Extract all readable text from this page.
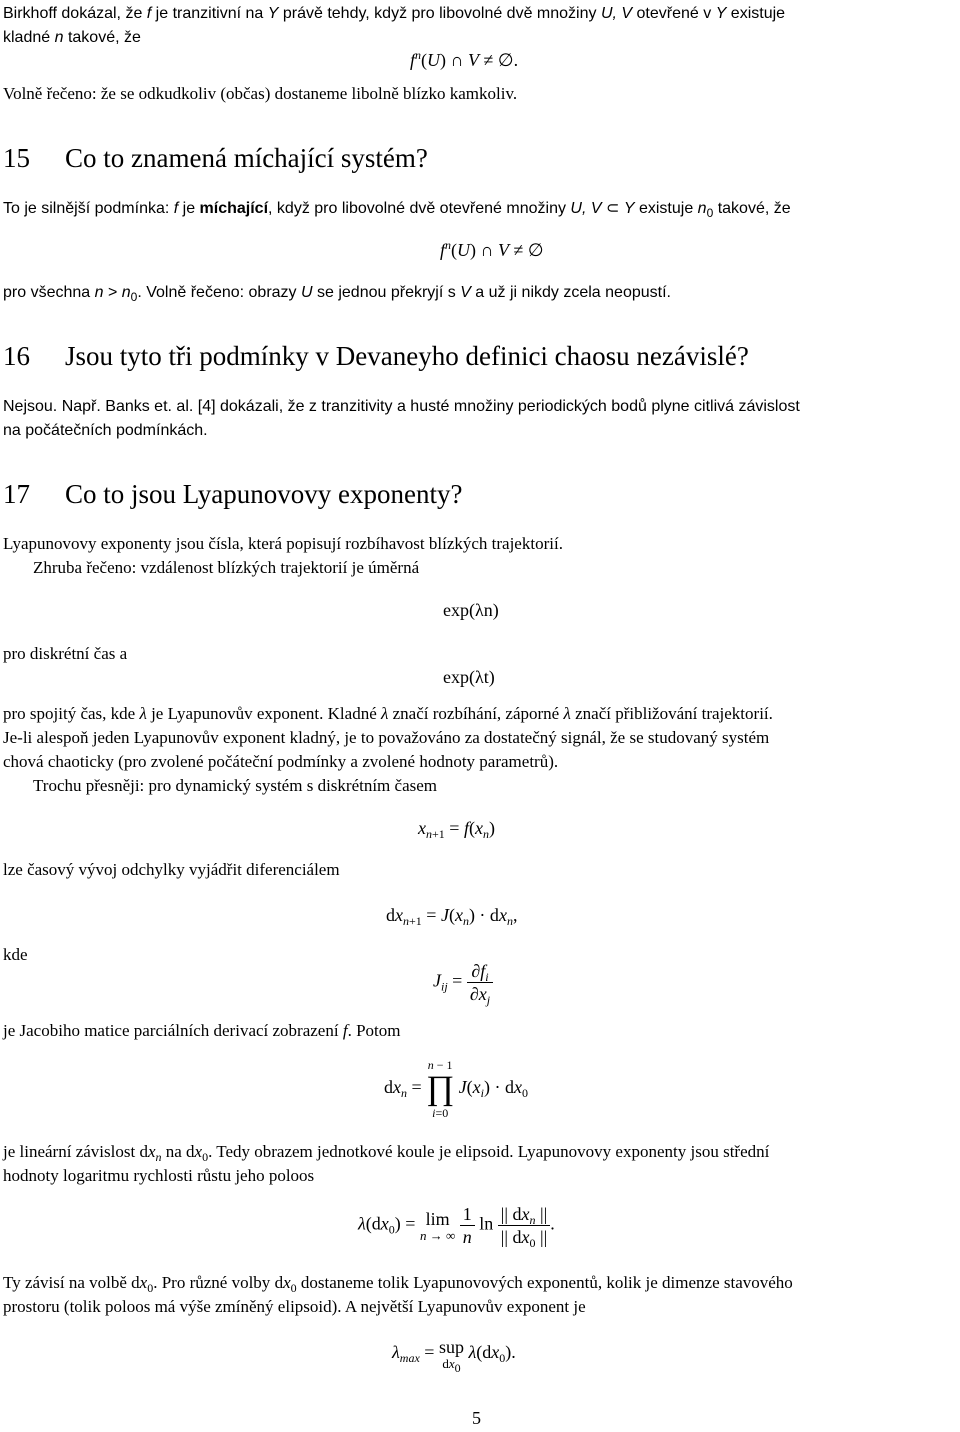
Birkhoff dokázal, že f je tranzitivní na Y právě tehdy, když pro libovolné dvě množiny U, V otevřené v Y existuje
kladné n takové, že
$f^n(U)$ ∩ V ≠ ∅.
Volně řečeno: že se odkudkoliv (občas) dostaneme libolně blízko kamkoliv.
15 Co to znamená míchající systém?
To je silnější podmínka: f je míchající, když pro libovolné dvě otevřené množiny U, V ⊂ Y existuje $n_0$ takové, že
$f^n(U)$ ∩ V ≠ ∅
pro všechna $n > n_0$. Volně řečeno: obrazy U se jednou překryjí s V a už ji nikdy zcela neopustí.
16 Jsou tyto tři podmínky v Devaneyho definici chaosu nezávislé?
Nejsou. Např. Banks et. al. [4] dokázali, že z tranzitivity a husté množiny periodických bodů plyne citlivá závislost
na počátečních podmínkách.
17 Co to jsou Lyapunovovy exponenty?
Lyapunovovy exponenty jsou čísla, která popisují rozbíhavost blízkých trajektorií.
Zhruba řečeno: vzdálenost blízkých trajektorií je úměrná
exp(λn)
pro diskrétní čas a
exp(λt)
pro spojitý čas, kde λ je Lyapunovův exponent. Kladné λ značí rozbíhání, záporné λ značí přibližování trajektorií.
Je-li alespoň jeden Lyapunovův exponent kladný, je to považováno za dostatečný signál, že se studovaný systém
chová chaoticky (pro zvolené počáteční podmínky a zvolené hodnoty parametrů).
Trochu přesněji: pro dynamický systém s diskrétním časem
$x_{n+1} = f(x_n)$
lze časový vývoj odchylky vyjádřit diferenciálem
$dx_{n+1} = J(x_n) \cdot dx_n$,
kde
$J_{ij} = \frac{\partial f_i}{\partial x_j}$
je Jacobiho matice parciálních derivací zobrazení f. Potom
$dx_n$ =
n − 1
∏
i=0
$J(x_i) \cdot dx_0$
je lineární závislost $dx_n$ na $dx_0$. Tedy obrazem jednotkové koule je elipsoid. Lyapunovovy exponenty jsou střední
hodnoty logaritmu rychlosti růstu jeho poloos
$\lambda(dx_0) = \lim$
n → ∞
$\frac{1}{n}$ $\ln \frac{|| dx_n ||}{|| dx_0 ||}$ .
Ty závisí na volbě $dx_0$. Pro různé volby $dx_0$ dostaneme tolik Lyapunovových exponentů, kolik je dimenze stavového
prostoru (tolik poloos má výše zmíněný elipsoid). A největší Lyapunovův exponent je
$\lambda_{max}$ = sup
$dx_0$
$\lambda(dx_0)$.
5
